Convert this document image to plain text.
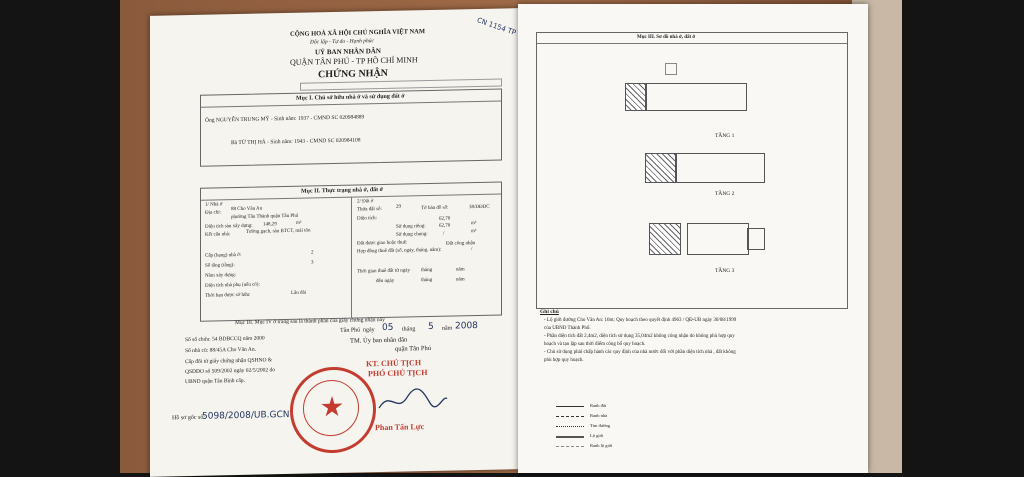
CỘNG HOÀ XÃ HỘI CHỦ NGHĨA VIỆT NAM
Độc lập - Tự do - Hạnh phúc
CN 1154 TP
UỶ BAN NHÂN DÂN
QUẬN TÂN PHÚ - TP HỒ CHÍ MINH
CHỨNG NHẬN
Mục I. Chủ sở hữu nhà ở và sử dụng đất ở
Ông NGUYỄN TRUNG MỸ - Sinh năm: 1937 - CMND SC 020984889
Bà TỪ THỊ HẢ - Sinh năm: 1943 - CMND SC 020984108
Mục II. Thực trạng nhà ở, đất ở
1/ Nhà ở
Địa chỉ:
88 Cho Văn An
phường Tân Thành quận Tân Phú
Diện tích sàn xây dựng: 148,29	m²
Kết cấu nhà:
Tường gạch, sàn BTCT, mái tôn
Cấp (hạng) nhà ở:	2
Số tầng (tầng):
3
Năm xây dựng:
Diện tích nhà phụ (nếu có):
Thời hạn được sở hữu:	Lâu dài
2/ Đất ở
Thửa đất số:	29	Tờ bản đồ số:	38/DĐDC
Diện tích:	62,70
Sử dụng riêng:	62,70	m²
Sử dụng chung:	/
m²
Đất được giao hoặc thuê:	Đất công nhận
Hợp đồng thuê đất (số, ngày, tháng, năm):	/
Thời gian thuê đất từ ngày tháng	năm
đến ngày	tháng	năm
Mục III. Mục IV ở trang sau là thành phần của giấy chứng nhận này
Số sổ chứa: 54 BDBCCQ năm 2000
Số nhà cũ: 88/45A Cho Văn An.
Cấp đổi từ giấy chứng nhận QSHNO &
QSDĐO số 509/2002 ngày 02/5/2002 do
UBND quận Tân Bình cấp.
Tân Phú ngày 05 tháng 5 năm 2008
TM. Ủy ban nhân dân
quận Tân Phú
KT. CHỦ TỊCH
PHÓ CHỦ TỊCH
Phan Tấn Lực
Hồ sơ gốc số:
5098/2008/UB.GCN
Mục III. Sơ đồ nhà ở, đất ở
TẦNG 1
TẦNG 2
TẦNG 3
Ghi chú
- Lộ giới đường Cho Văn An: 16m; Quy hoạch theo quyết định 4963 / QĐ-UB ngày 30/08/1999
của UBND Thành Phố.
- Phần diện tích đất 2,4m2, diện tích sử dụng 35,04m2 không công nhận do không phù hợp quy
hoạch và tạo lập sau thời điểm công bố quy hoạch.
- Chủ sử dụng phải chấp hành các quy định của nhà nước đối với phần diện tích nhà , đất không
phù hợp quy hoạch.
Ranh đất
Ranh nhà
Tim đường
Lộ giới
Ranh lộ giới
